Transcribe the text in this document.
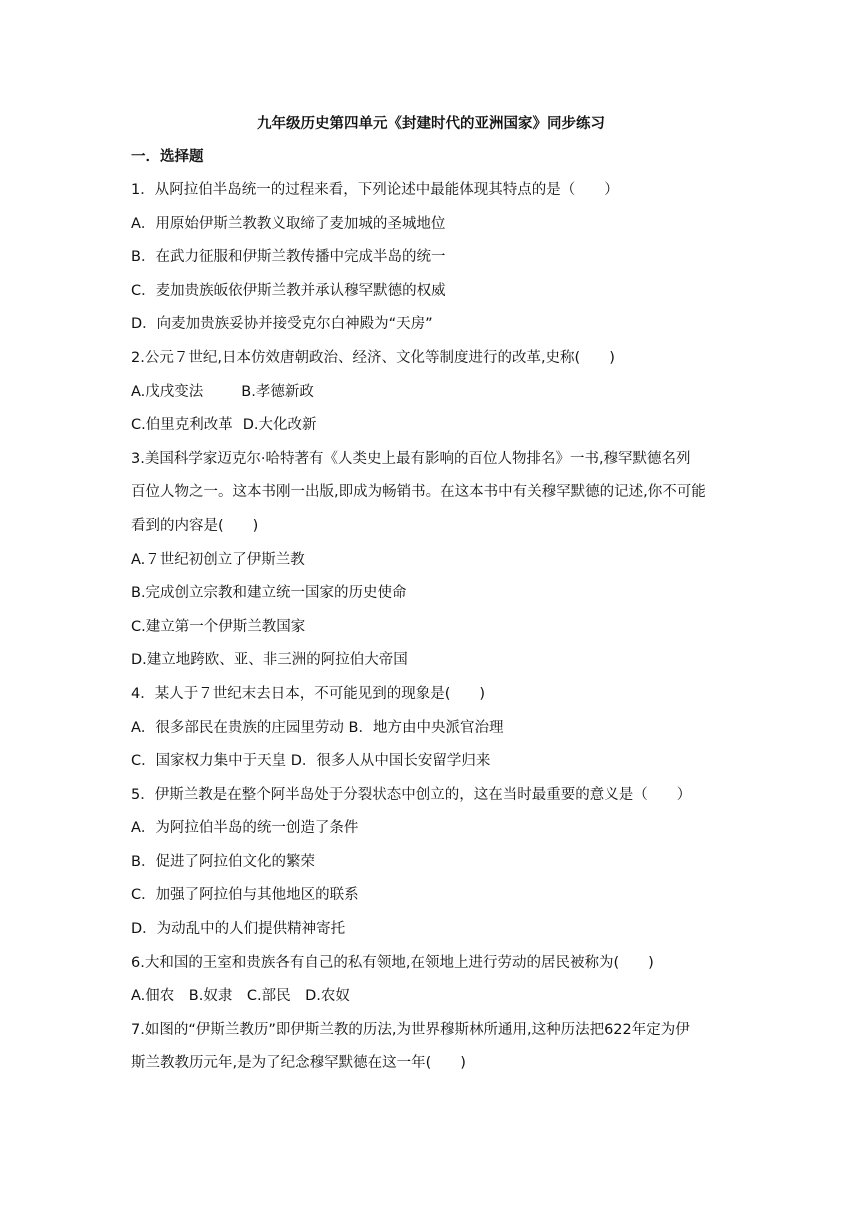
九年级历史第四单元《封建时代的亚洲国家》同步练习
一．选择题
1．从阿拉伯半岛统一的过程来看，下列论述中最能体现其特点的是（　　）
A．用原始伊斯兰教教义取缔了麦加城的圣城地位
B．在武力征服和伊斯兰教传播中完成半岛的统一
C．麦加贵族皈依伊斯兰教并承认穆罕默德的权威
D．向麦加贵族妥协并接受克尔白神殿为“天房”
2.公元７世纪,日本仿效唐朝政治、经济、文化等制度进行的改革,史称(　　)
A.戊戌变法	B.孝德新政
C.伯里克利改革 D.大化改新
3.美国科学家迈克尔·哈特著有《人类史上最有影响的百位人物排名》一书,穆罕默德名列
百位人物之一。这本书刚一出版,即成为畅销书。在这本书中有关穆罕默德的记述,你不可能
看到的内容是(　　)
A.７世纪初创立了伊斯兰教
B.完成创立宗教和建立统一国家的历史使命
C.建立第一个伊斯兰教国家
D.建立地跨欧、亚、非三洲的阿拉伯大帝国
4．某人于７世纪末去日本，不可能见到的现象是(　　)
A．很多部民在贵族的庄园里劳动 B．地方由中央派官治理
C．国家权力集中于天皇 D．很多人从中国长安留学归来
5．伊斯兰教是在整个阿半岛处于分裂状态中创立的，这在当时最重要的意义是（　　）
A．为阿拉伯半岛的统一创造了条件
B．促进了阿拉伯文化的繁荣
C．加强了阿拉伯与其他地区的联系
D．为动乱中的人们提供精神寄托
6.大和国的王室和贵族各有自己的私有领地,在领地上进行劳动的居民被称为(　　)
A.佃农　B.奴隶　C.部民　D.农奴
7.如图的“伊斯兰教历”即伊斯兰教的历法,为世界穆斯林所通用,这种历法把622年定为伊
斯兰教教历元年,是为了纪念穆罕默德在这一年(　　)
